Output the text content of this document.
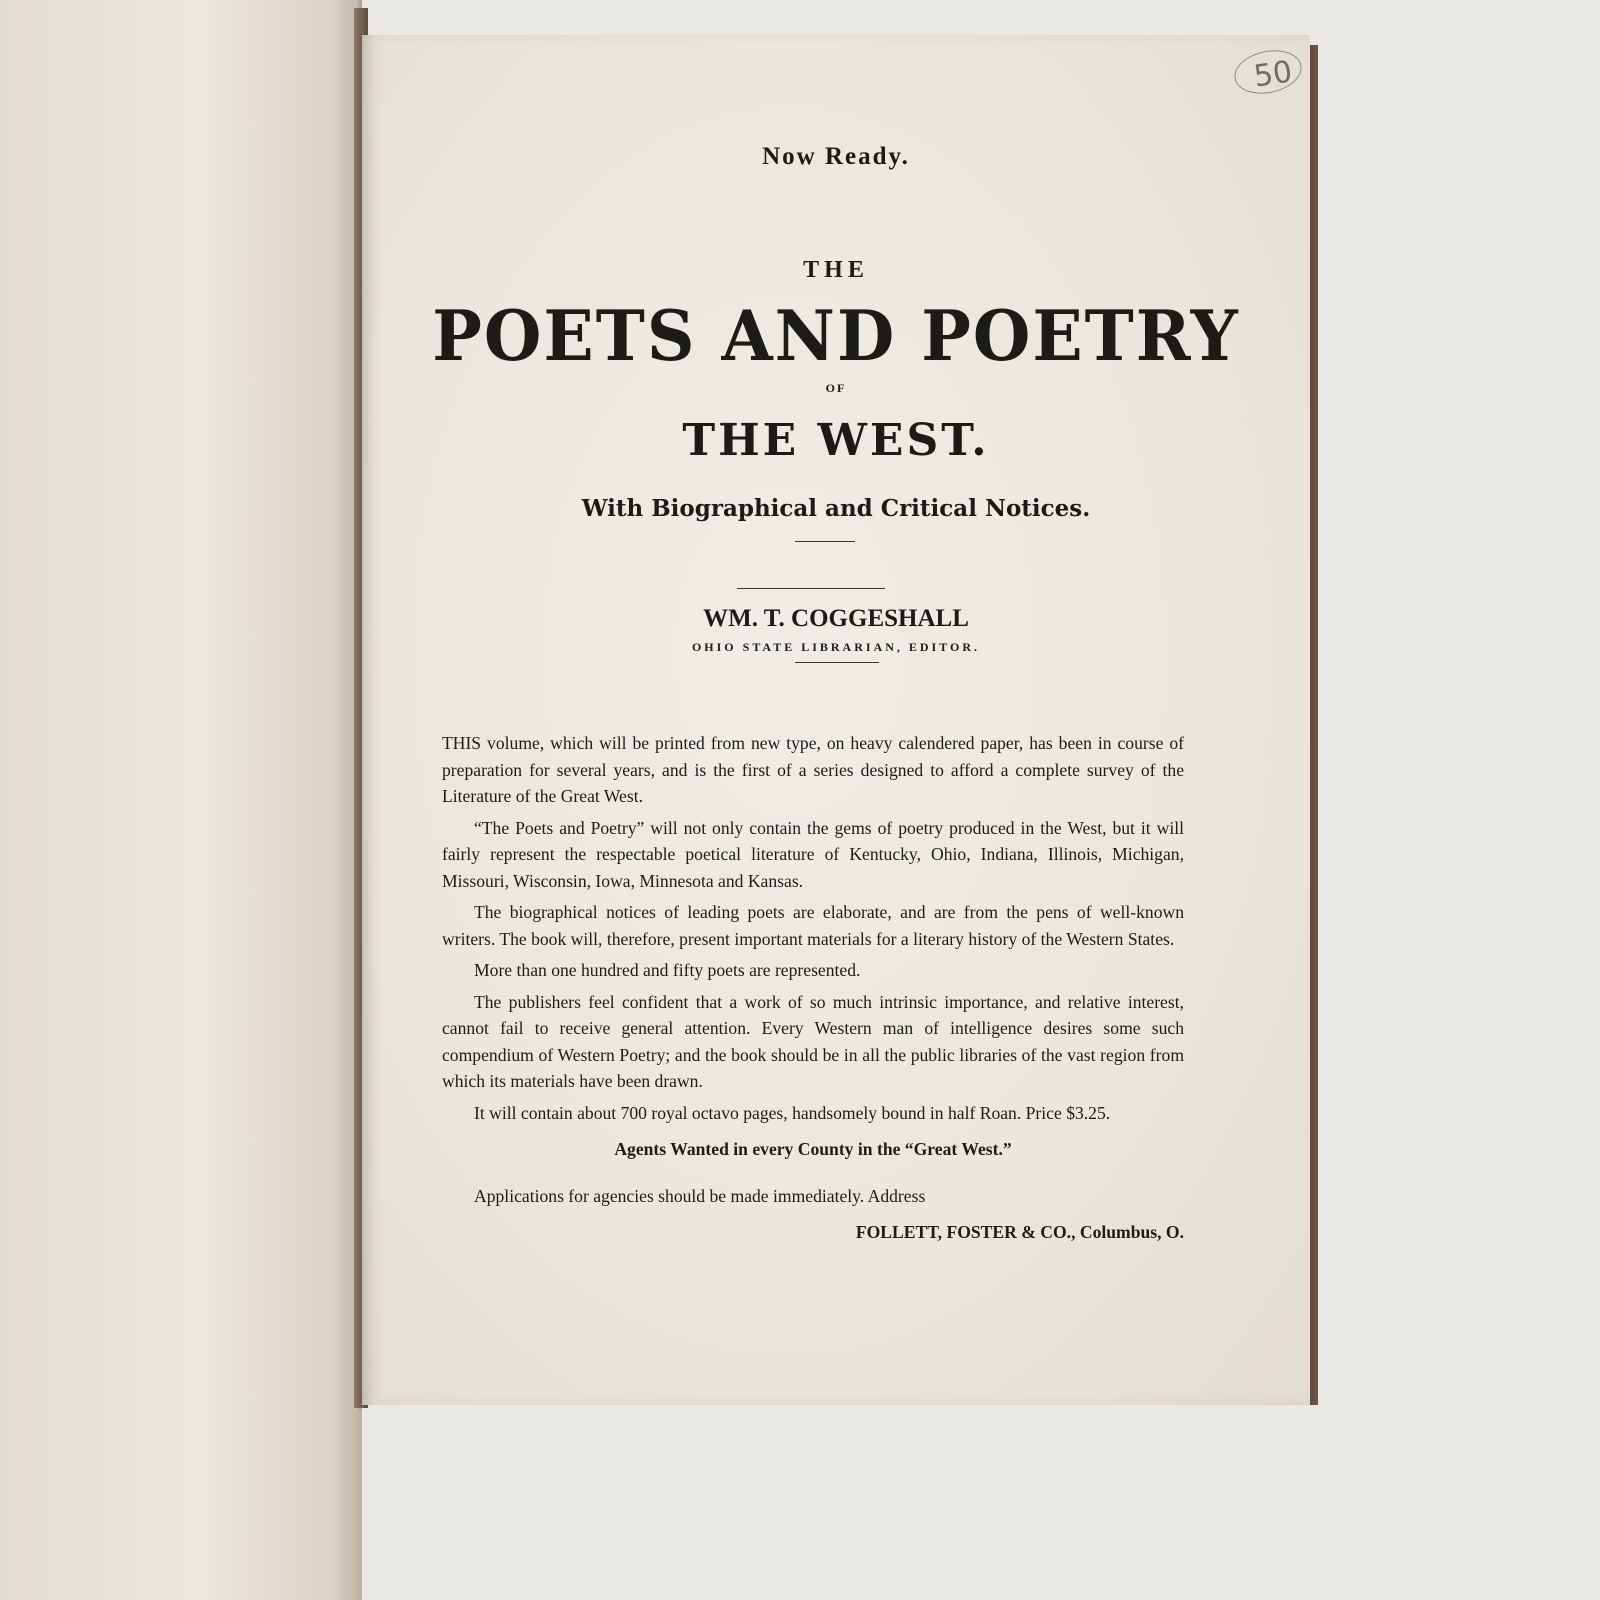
50
Now Ready.
THE
POETS AND POETRY
OF
THE WEST.
With Biographical and Critical Notices.
WM. T. COGGESHALL
OHIO STATE LIBRARIAN, EDITOR.

THIS volume, which will be printed from new type, on heavy calendered paper, has been in course of preparation for several years, and is the first of a series designed to afford a complete survey of the Literature of the Great West.

“The Poets and Poetry” will not only contain the gems of poetry produced in the West, but it will fairly represent the respectable poetical literature of Kentucky, Ohio, Indiana, Illinois, Michigan, Missouri, Wisconsin, Iowa, Minnesota and Kansas.

The biographical notices of leading poets are elaborate, and are from the pens of well-known writers. The book will, therefore, present important materials for a literary history of the Western States.

More than one hundred and fifty poets are represented.

The publishers feel confident that a work of so much intrinsic importance, and relative interest, cannot fail to receive general attention. Every Western man of intelligence desires some such compendium of Western Poetry; and the book should be in all the public libraries of the vast region from which its materials have been drawn.

It will contain about 700 royal octavo pages, handsomely bound in half Roan. Price $3.25.

Agents Wanted in every County in the “Great West.”

Applications for agencies should be made immediately. Address

FOLLETT, FOSTER & CO., Columbus, O.
